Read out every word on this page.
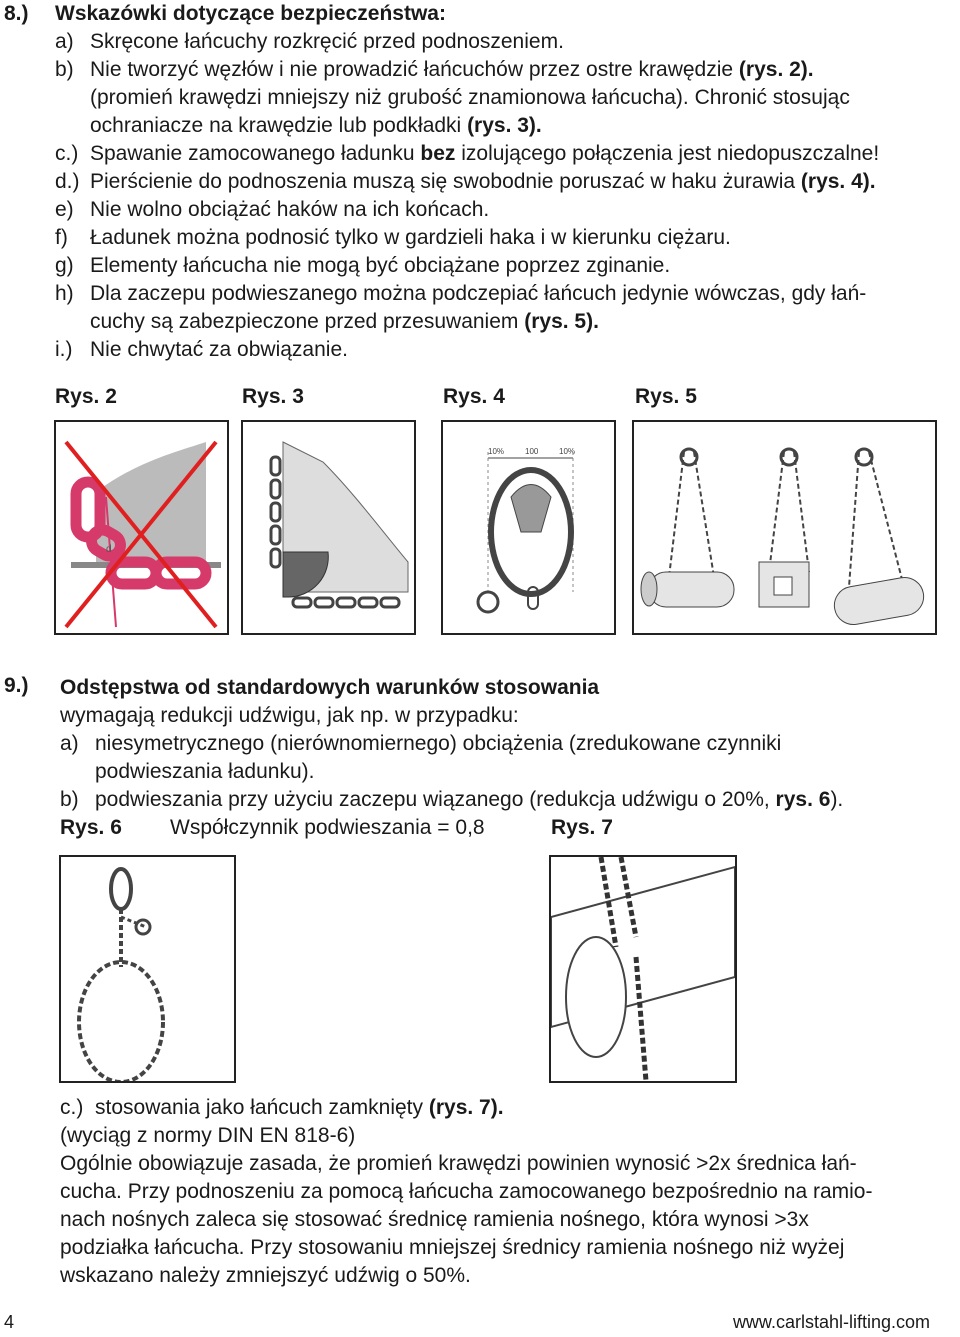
8.) Wskazówki dotyczące bezpieczeństwa:
a) Skręcone łańcuchy rozkręcić przed podnoszeniem.
b) Nie tworzyć węzłów i nie prowadzić łańcuchów przez ostre krawędzie (rys. 2).
(promień krawędzi mniejszy niż grubość znamionowa łańcucha). Chronić stosując
ochraniacze na krawędzie lub podkładki (rys. 3).
c.) Spawanie zamocowanego ładunku bez izolującego połączenia jest niedopuszczalne!
d.) Pierścienie do podnoszenia muszą się swobodnie poruszać w haku żurawia (rys. 4).
e) Nie wolno obciążać haków na ich końcach.
f) Ładunek można podnosić tylko w gardzieli haka i w kierunku ciężaru.
g) Elementy łańcucha nie mogą być obciążane poprzez zginanie.
h) Dla zaczepu podwieszanego można podczepiać łańcuch jedynie wówczas, gdy łań-
cuchy są zabezpieczone przed przesuwaniem (rys. 5).
i.) Nie chwytać za obwiązanie.
Rys. 2	Rys. 3	Rys. 4	Rys. 5
d
10%	100	10%
9.) Odstępstwa od standardowych warunków stosowania
wymagają redukcji udźwigu, jak np. w przypadku:
a) niesymetrycznego (nierównomiernego) obciążenia (zredukowane czynniki
podwieszania ładunku).
b) podwieszania przy użyciu zaczepu wiązanego (redukcja udźwigu o 20%, rys. 6).
Rys. 6 Współczynnik podwieszania = 0,8	Rys. 7
c.) stosowania jako łańcuch zamknięty (rys. 7).
(wyciąg z normy DIN EN 818-6)
Ogólnie obowiązuje zasada, że promień krawędzi powinien wynosić >2x średnica łań-
cucha. Przy podnoszeniu za pomocą łańcucha zamocowanego bezpośrednio na ramio-
nach nośnych zaleca się stosować średnicę ramienia nośnego, która wynosi >3x
podziałka łańcucha. Przy stosowaniu mniejszej średnicy ramienia nośnego niż wyżej
wskazano należy zmniejszyć udźwig o 50%.
4	www.carlstahl-lifting.com
